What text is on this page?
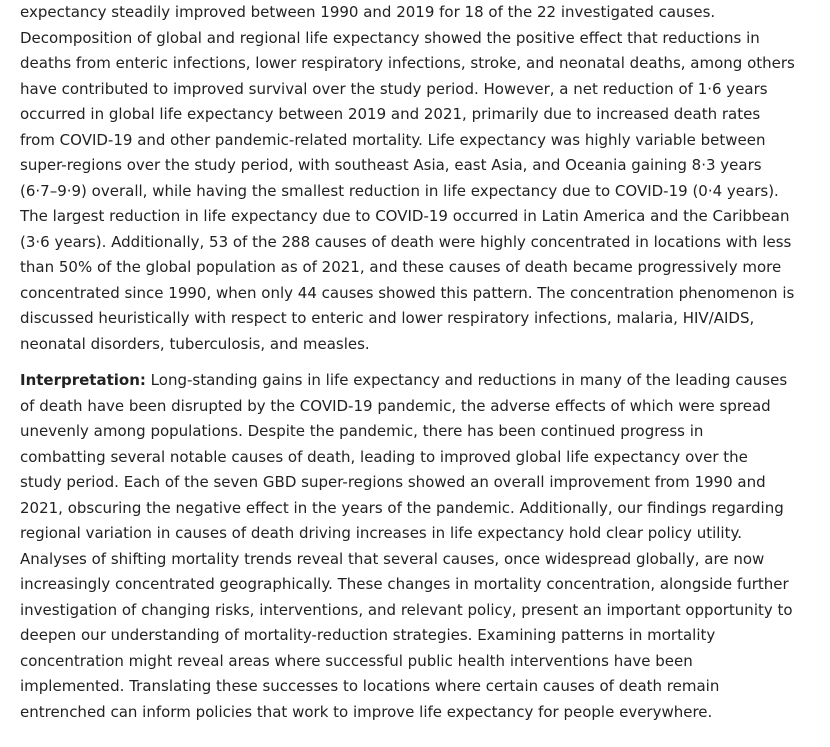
expectancy steadily improved between 1990 and 2019 for 18 of the 22 investigated causes.
Decomposition of global and regional life expectancy showed the positive effect that reductions in
deaths from enteric infections, lower respiratory infections, stroke, and neonatal deaths, among others
have contributed to improved survival over the study period. However, a net reduction of 1·6 years
occurred in global life expectancy between 2019 and 2021, primarily due to increased death rates
from COVID-19 and other pandemic-related mortality. Life expectancy was highly variable between
super-regions over the study period, with southeast Asia, east Asia, and Oceania gaining 8·3 years
(6·7–9·9) overall, while having the smallest reduction in life expectancy due to COVID-19 (0·4 years).
The largest reduction in life expectancy due to COVID-19 occurred in Latin America and the Caribbean
(3·6 years). Additionally, 53 of the 288 causes of death were highly concentrated in locations with less
than 50% of the global population as of 2021, and these causes of death became progressively more
concentrated since 1990, when only 44 causes showed this pattern. The concentration phenomenon is
discussed heuristically with respect to enteric and lower respiratory infections, malaria, HIV/AIDS,
neonatal disorders, tuberculosis, and measles.
Interpretation: Long-standing gains in life expectancy and reductions in many of the leading causes
of death have been disrupted by the COVID-19 pandemic, the adverse effects of which were spread
unevenly among populations. Despite the pandemic, there has been continued progress in
combatting several notable causes of death, leading to improved global life expectancy over the
study period. Each of the seven GBD super-regions showed an overall improvement from 1990 and
2021, obscuring the negative effect in the years of the pandemic. Additionally, our findings regarding
regional variation in causes of death driving increases in life expectancy hold clear policy utility.
Analyses of shifting mortality trends reveal that several causes, once widespread globally, are now
increasingly concentrated geographically. These changes in mortality concentration, alongside further
investigation of changing risks, interventions, and relevant policy, present an important opportunity to
deepen our understanding of mortality-reduction strategies. Examining patterns in mortality
concentration might reveal areas where successful public health interventions have been
implemented. Translating these successes to locations where certain causes of death remain
entrenched can inform policies that work to improve life expectancy for people everywhere.
